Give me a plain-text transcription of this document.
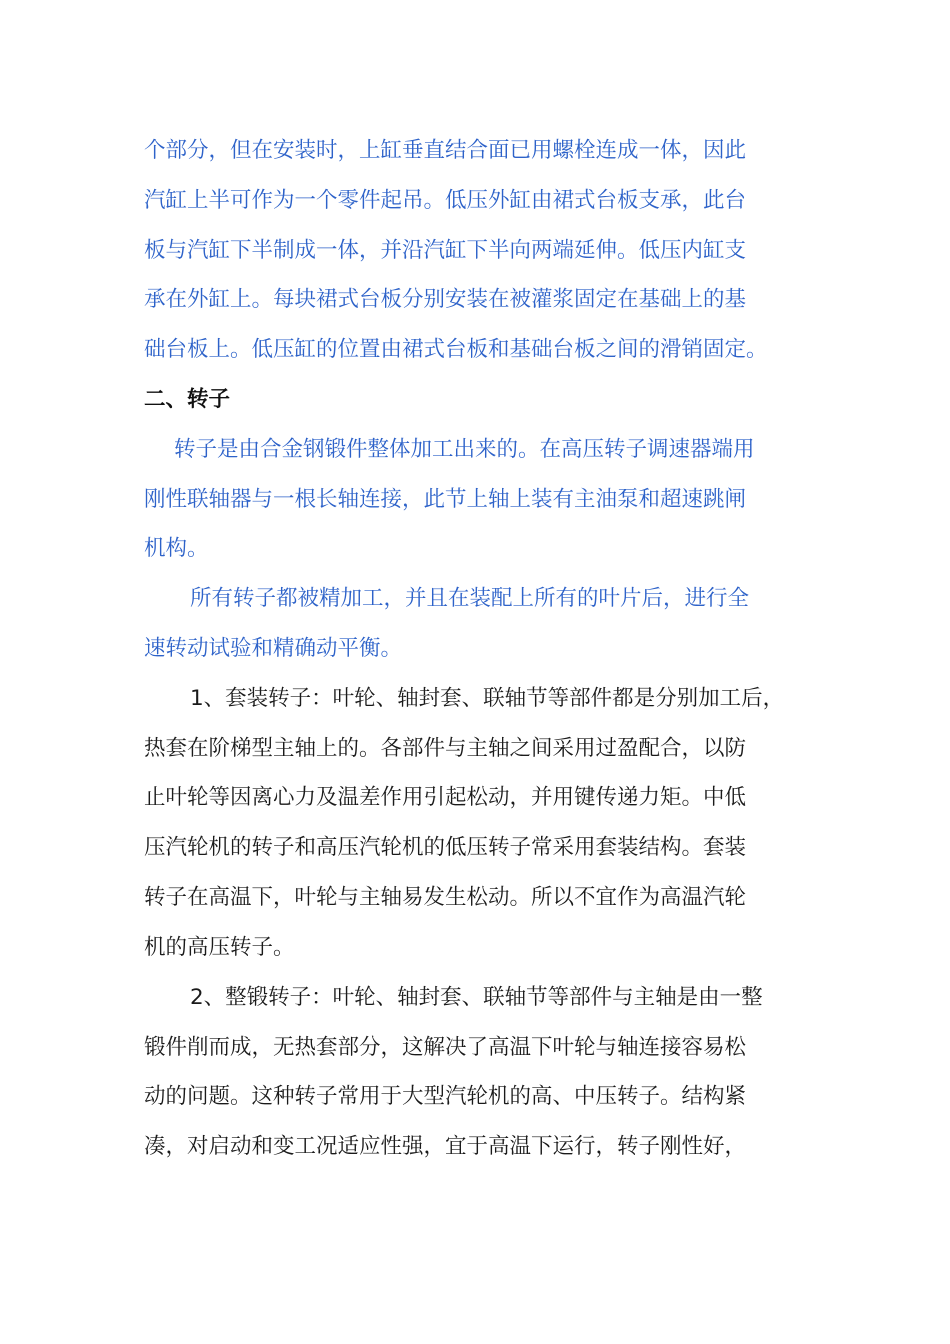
个部分，但在安装时，上缸垂直结合面已用螺栓连成一体，因此
汽缸上半可作为一个零件起吊。低压外缸由裙式台板支承，此台
板与汽缸下半制成一体，并沿汽缸下半向两端延伸。低压内缸支
承在外缸上。每块裙式台板分别安装在被灌浆固定在基础上的基
础台板上。低压缸的位置由裙式台板和基础台板之间的滑销固定。
二、转子
转子是由合金钢锻件整体加工出来的。在高压转子调速器端用
刚性联轴器与一根长轴连接，此节上轴上装有主油泵和超速跳闸
机构。
所有转子都被精加工，并且在装配上所有的叶片后，进行全
速转动试验和精确动平衡。
1、套装转子：叶轮、轴封套、联轴节等部件都是分别加工后，
热套在阶梯型主轴上的。各部件与主轴之间采用过盈配合，以防
止叶轮等因离心力及温差作用引起松动，并用键传递力矩。中低
压汽轮机的转子和高压汽轮机的低压转子常采用套装结构。套装
转子在高温下，叶轮与主轴易发生松动。所以不宜作为高温汽轮
机的高压转子。
2、整锻转子：叶轮、轴封套、联轴节等部件与主轴是由一整
锻件削而成，无热套部分，这解决了高温下叶轮与轴连接容易松
动的问题。这种转子常用于大型汽轮机的高、中压转子。结构紧
凑，对启动和变工况适应性强，宜于高温下运行，转子刚性好，
